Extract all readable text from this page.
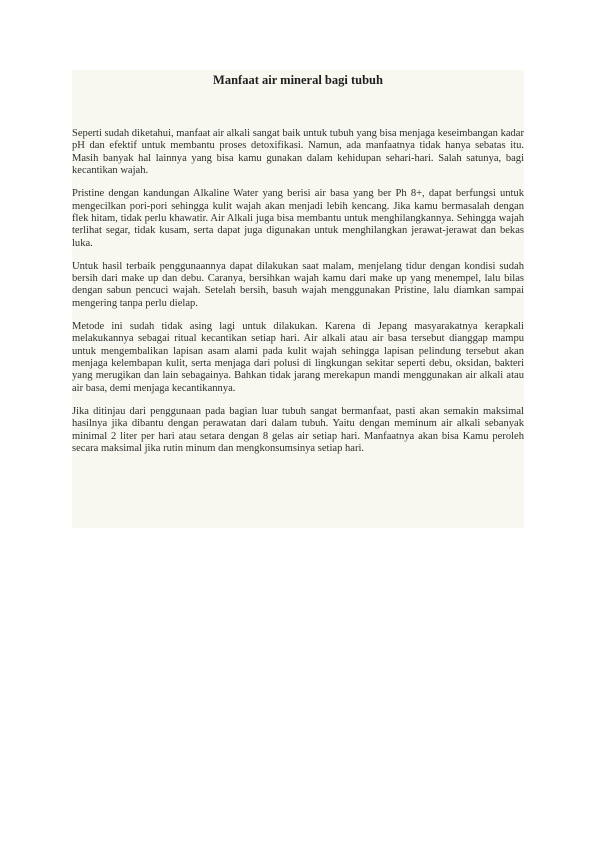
Manfaat air mineral bagi tubuh

Seperti sudah diketahui, manfaat air alkali sangat baik untuk tubuh yang bisa menjaga keseimbangan kadar pH dan efektif untuk membantu proses detoxifikasi. Namun, ada manfaatnya tidak hanya sebatas itu. Masih banyak hal lainnya yang bisa kamu gunakan dalam kehidupan sehari-hari. Salah satunya, bagi kecantikan wajah.

Pristine dengan kandungan Alkaline Water yang berisi air basa yang ber Ph 8+, dapat berfungsi untuk mengecilkan pori-pori sehingga kulit wajah akan menjadi lebih kencang. Jika kamu bermasalah dengan flek hitam, tidak perlu khawatir. Air Alkali juga bisa membantu untuk menghilangkannya. Sehingga wajah terlihat segar, tidak kusam, serta dapat juga digunakan untuk menghilangkan jerawat-jerawat dan bekas luka.

Untuk hasil terbaik penggunaannya dapat dilakukan saat malam, menjelang tidur dengan kondisi sudah bersih dari make up dan debu. Caranya, bersihkan wajah kamu dari make up yang menempel, lalu bilas dengan sabun pencuci wajah. Setelah bersih, basuh wajah menggunakan Pristine, lalu diamkan sampai mengering tanpa perlu dielap.

Metode ini sudah tidak asing lagi untuk dilakukan. Karena di Jepang masyarakatnya kerapkali melakukannya sebagai ritual kecantikan setiap hari. Air alkali atau air basa tersebut dianggap mampu untuk mengembalikan lapisan asam alami pada kulit wajah sehingga lapisan pelindung tersebut akan menjaga kelembapan kulit, serta menjaga dari polusi di lingkungan sekitar seperti debu, oksidan, bakteri yang merugikan dan lain sebagainya. Bahkan tidak jarang merekapun mandi menggunakan air alkali atau air basa, demi menjaga kecantikannya.

Jika ditinjau dari penggunaan pada bagian luar tubuh sangat bermanfaat, pasti akan semakin maksimal hasilnya jika dibantu dengan perawatan dari dalam tubuh. Yaitu dengan meminum air alkali sebanyak minimal 2 liter per hari atau setara dengan 8 gelas air setiap hari. Manfaatnya akan bisa Kamu peroleh secara maksimal jika rutin minum dan mengkonsumsinya setiap hari.
